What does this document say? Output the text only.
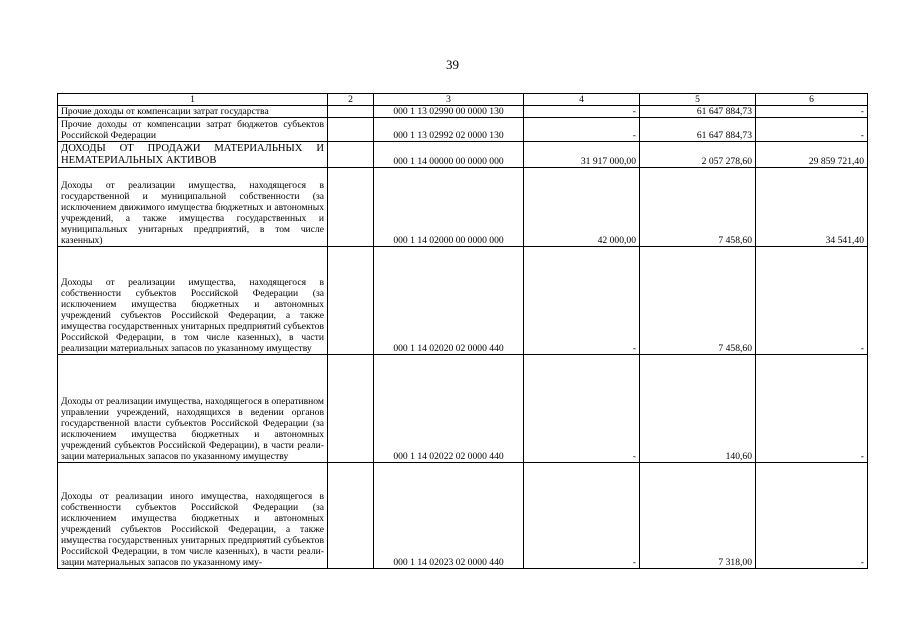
39
1	2	3	4	5	6
Прочие доходы от компенсации затрат государства		000 1 13 02990 00 0000 130	-	61 647 884,73	-
Прочие доходы от компенсации затрат бюджетов субъектов Российской Федерации		000 1 13 02992 02 0000 130	-	61 647 884,73	-
ДОХОДЫ ОТ ПРОДАЖИ МАТЕРИАЛЬНЫХ И НЕМАТЕРИАЛЬНЫХ АКТИВОВ		000 1 14 00000 00 0000 000	31 917 000,00	2 057 278,60	29 859 721,40
Доходы от реализации имущества, находящегося в государственной и муниципальной собственности (за исключением движимого имущества бюджетных и автономных учреждений, а также имущества государственных и муниципальных унитарных предприятий, в том числе казенных)		000 1 14 02000 00 0000 000	42 000,00	7 458,60	34 541,40
Доходы от реализации имущества, находящегося в собственности субъектов Российской Федерации (за исключением имущества бюджетных и автономных учреждений субъектов Российской Федерации, а также имущества государственных унитарных предприятий субъектов Российской Федерации, в том числе казенных), в части реализации материальных запасов по указанному имуществу		000 1 14 02020 02 0000 440	-	7 458,60	-
Доходы от реализации имущества, находящегося в оперативном управлении учреждений, находящихся в ведении органов государственной власти субъектов Российской Федерации (за исключением имущества бюджетных и автономных учреждений субъектов Российской Федерации), в части реализации материальных запасов по указанному имуществу		000 1 14 02022 02 0000 440	-	140,60	-
Доходы от реализации иного имущества, находящегося в собственности субъектов Российской Федерации (за исключением имущества бюджетных и автономных учреждений субъектов Российской Федерации, а также имущества государственных унитарных предприятий субъектов Российской Федерации, в том числе казенных), в части реализации материальных запасов по указанному иму-		000 1 14 02023 02 0000 440	-	7 318,00	-
